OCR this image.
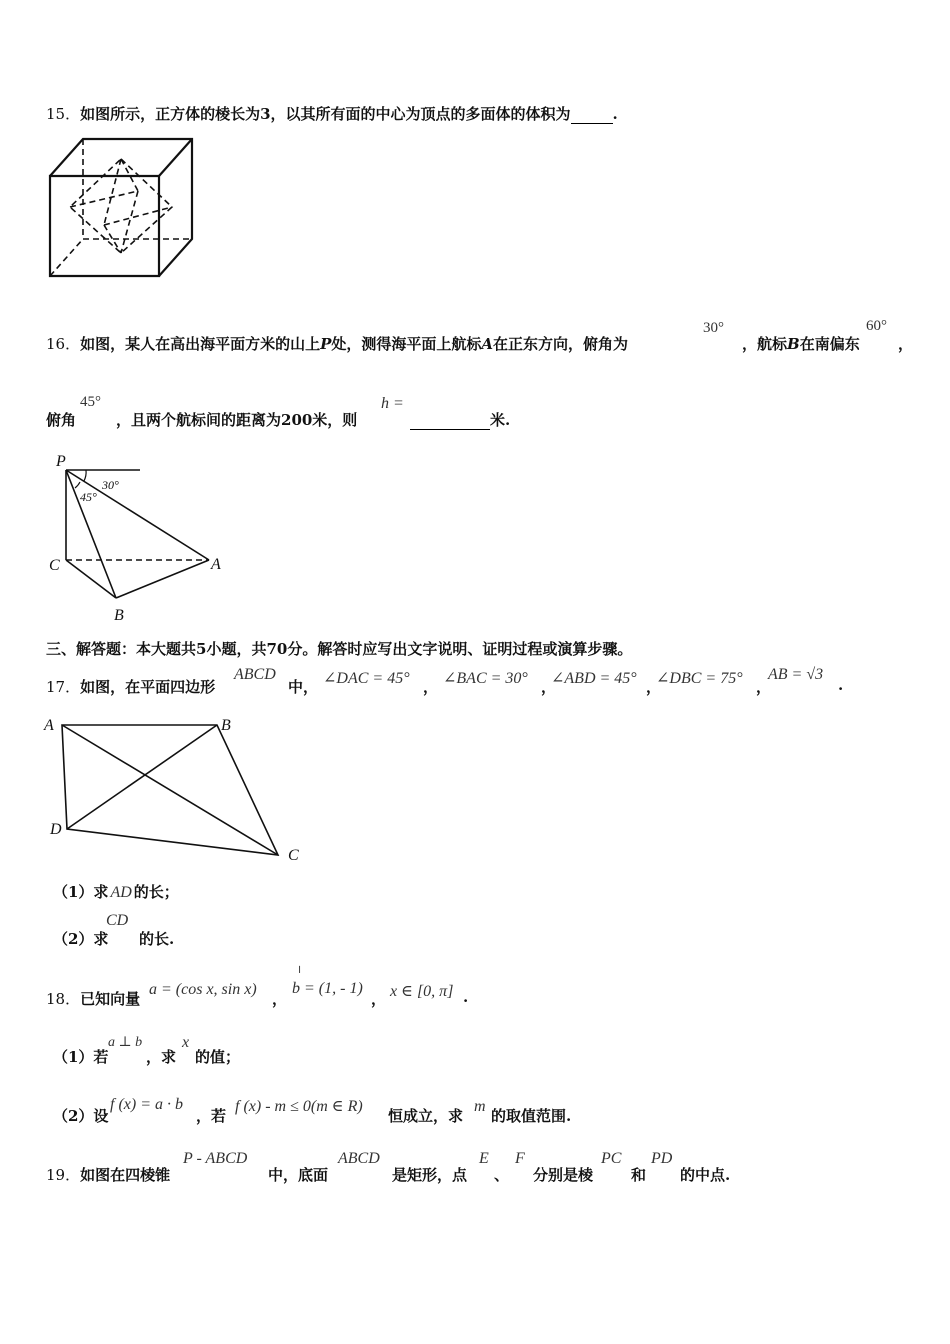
15．如图所示，正方体的棱长为3，以其所有面的中心为顶点的多面体的体积为	.
16．如图，某人在高出海平面方米的山上P处，测得海平面上航标A在正东方向，俯角为
30°
，航标B在南偏东
60°
，
俯角
45°
，且两个航标间的距离为200米，则
h =
米.
P
30°
45°
C	A
B
三、解答题：本大题共5小题，共70分。解答时应写出文字说明、证明过程或演算步骤。
17．如图，在平面四边形
ABCD
中， ∠DAC = 45° ， ∠BAC = 30° ，
∠ABD = 45° ，
∠DBC = 75° ，
AB = √3
.
A	B
C
D
（1）求 AD 的长；
（2）求
CD
的长.
18．已知向量
a = (cos x, sin x)
，
╵
b = (1, - 1)
， x ∈ [0, π] .
（1）若
a ⊥ b
，求
x
的值；
（2）设
f (x) = a · b
，若
f (x) - m ≤ 0(m ∈ R)
恒成立，求
m
的取值范围.
19．如图在四棱锥
P - ABCD
中，底面
ABCD
是矩形，点
E
、
F
分别是棱
PC
和
PD
的中点.
